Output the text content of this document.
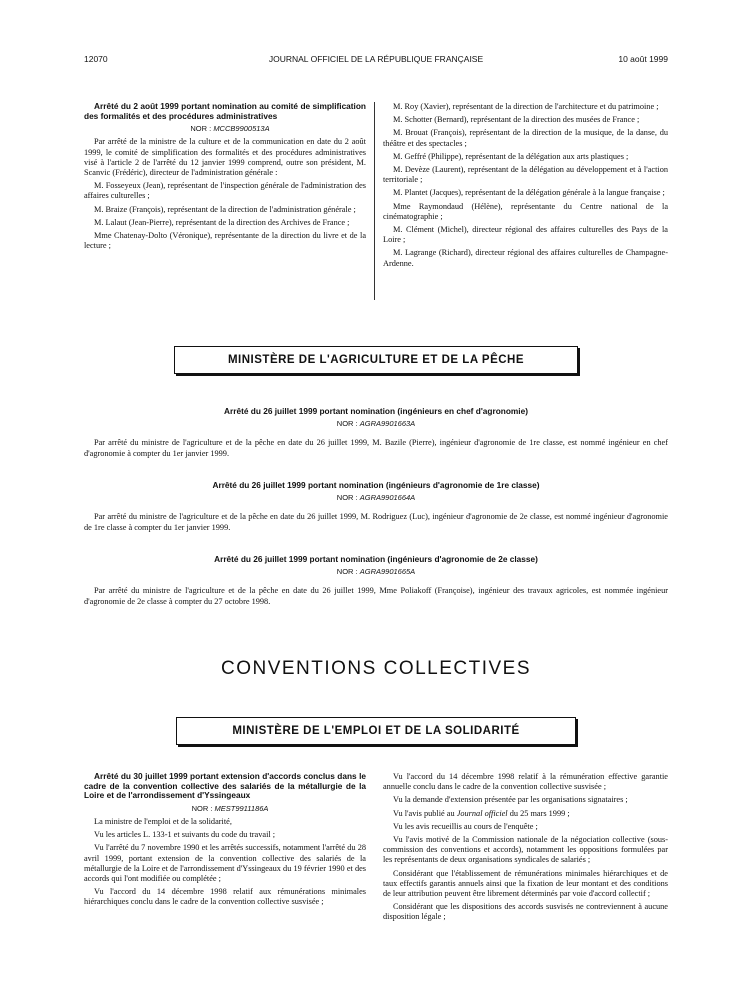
12070	JOURNAL OFFICIEL DE LA RÉPUBLIQUE FRANÇAISE	10 août 1999

Arrêté du 2 août 1999 portant nomination au comité de simplification des formalités et des procédures administratives

NOR : MCCB9900513A

Par arrêté de la ministre de la culture et de la communication en date du 2 août 1999, le comité de simplification des formalités et des procédures administratives visé à l'article 2 de l'arrêté du 12 janvier 1999 comprend, outre son président, M. Scanvic (Frédéric), directeur de l'administration générale :

M. Fosseyeux (Jean), représentant de l'inspection générale de l'administration des affaires culturelles ;

M. Braize (François), représentant de la direction de l'administration générale ;

M. Lalaut (Jean-Pierre), représentant de la direction des Archives de France ;

Mme Chatenay-Dolto (Véronique), représentante de la direction du livre et de la lecture ;

M. Roy (Xavier), représentant de la direction de l'architecture et du patrimoine ;

M. Schotter (Bernard), représentant de la direction des musées de France ;

M. Brouat (François), représentant de la direction de la musique, de la danse, du théâtre et des spectacles ;

M. Geffré (Philippe), représentant de la délégation aux arts plastiques ;

M. Devèze (Laurent), représentant de la délégation au développement et à l'action territoriale ;

M. Plantet (Jacques), représentant de la délégation générale à la langue française ;

Mme Raymondaud (Hélène), représentante du Centre national de la cinématographie ;

M. Clément (Michel), directeur régional des affaires culturelles des Pays de la Loire ;

M. Lagrange (Richard), directeur régional des affaires culturelles de Champagne-Ardenne.

MINISTÈRE DE L'AGRICULTURE ET DE LA PÊCHE

Arrêté du 26 juillet 1999 portant nomination (ingénieurs en chef d'agronomie)

NOR : AGRA9901663A

Par arrêté du ministre de l'agriculture et de la pêche en date du 26 juillet 1999, M. Bazile (Pierre), ingénieur d'agronomie de 1re classe, est nommé ingénieur en chef d'agronomie à compter du 1er janvier 1999.

Arrêté du 26 juillet 1999 portant nomination (ingénieurs d'agronomie de 1re classe)

NOR : AGRA9901664A

Par arrêté du ministre de l'agriculture et de la pêche en date du 26 juillet 1999, M. Rodriguez (Luc), ingénieur d'agronomie de 2e classe, est nommé ingénieur d'agronomie de 1re classe à compter du 1er janvier 1999.

Arrêté du 26 juillet 1999 portant nomination (ingénieurs d'agronomie de 2e classe)

NOR : AGRA9901665A

Par arrêté du ministre de l'agriculture et de la pêche en date du 26 juillet 1999, Mme Poliakoff (Françoise), ingénieur des travaux agricoles, est nommée ingénieur d'agronomie de 2e classe à compter du 27 octobre 1998.

CONVENTIONS COLLECTIVES
MINISTÈRE DE L'EMPLOI ET DE LA SOLIDARITÉ

Arrêté du 30 juillet 1999 portant extension d'accords conclus dans le cadre de la convention collective des salariés de la métallurgie de la Loire et de l'arrondissement d'Yssingeaux

NOR : MEST9911186A

La ministre de l'emploi et de la solidarité,

Vu les articles L. 133-1 et suivants du code du travail ;

Vu l'arrêté du 7 novembre 1990 et les arrêtés successifs, notamment l'arrêté du 28 avril 1999, portant extension de la convention collective des salariés de la métallurgie de la Loire et de l'arrondissement d'Yssingeaux du 19 février 1990 et des accords qui l'ont modifiée ou complétée ;

Vu l'accord du 14 décembre 1998 relatif aux rémunérations minimales hiérarchiques conclu dans le cadre de la convention collective susvisée ;

Vu l'accord du 14 décembre 1998 relatif à la rémunération effective garantie annuelle conclu dans le cadre de la convention collective susvisée ;

Vu la demande d'extension présentée par les organisations signataires ;

Vu l'avis publié au Journal officiel du 25 mars 1999 ;

Vu les avis recueillis au cours de l'enquête ;

Vu l'avis motivé de la Commission nationale de la négociation collective (sous-commission des conventions et accords), notamment les oppositions formulées par les représentants de deux organisations syndicales de salariés ;

Considérant que l'établissement de rémunérations minimales hiérarchiques et de taux effectifs garantis annuels ainsi que la fixation de leur montant et des conditions de leur attribution peuvent être librement déterminés par voie d'accord collectif ;

Considérant que les dispositions des accords susvisés ne contreviennent à aucune disposition légale ;
